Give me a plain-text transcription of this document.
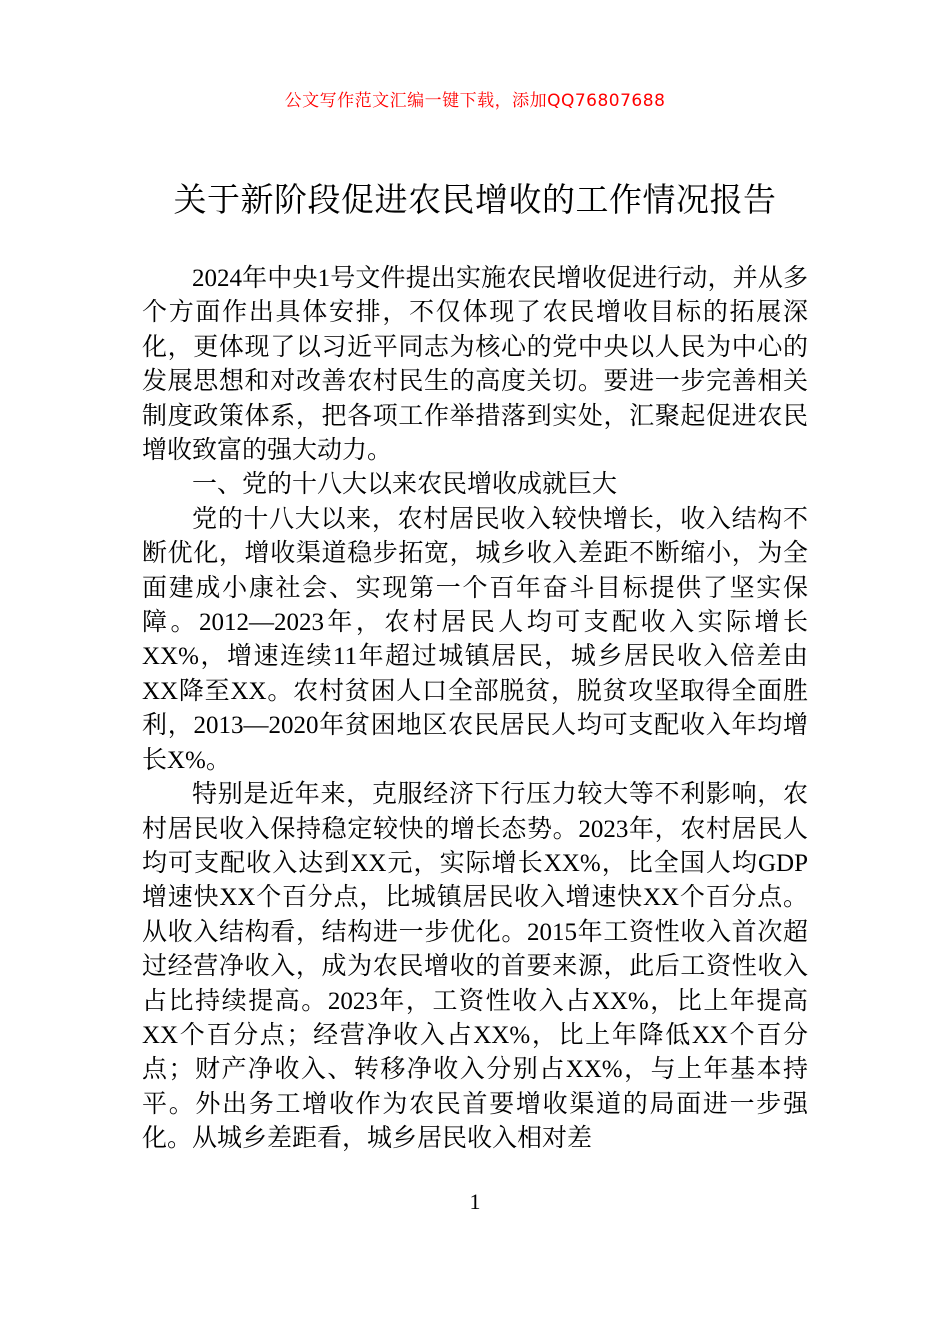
公文写作范文汇编一键下载，添加QQ76807688
关于新阶段促进农民增收的工作情况报告

2024年中央1号文件提出实施农民增收促进行动，并从多个方面作出具体安排，不仅体现了农民增收目标的拓展深化，更体现了以习近平同志为核心的党中央以人民为中心的发展思想和对改善农村民生的高度关切。要进一步完善相关制度政策体系，把各项工作举措落到实处，汇聚起促进农民增收致富的强大动力。

一、党的十八大以来农民增收成就巨大

党的十八大以来，农村居民收入较快增长，收入结构不断优化，增收渠道稳步拓宽，城乡收入差距不断缩小，为全面建成小康社会、实现第一个百年奋斗目标提供了坚实保障。2012—2023年，农村居民人均可支配收入实际增长XX%，增速连续11年超过城镇居民，城乡居民收入倍差由XX降至XX。农村贫困人口全部脱贫，脱贫攻坚取得全面胜利，2013—2020年贫困地区农民居民人均可支配收入年均增长X%。

特别是近年来，克服经济下行压力较大等不利影响，农村居民收入保持稳定较快的增长态势。2023年，农村居民人均可支配收入达到XX元，实际增长XX%，比全国人均GDP增速快XX个百分点，比城镇居民收入增速快XX个百分点。从收入结构看，结构进一步优化。2015年工资性收入首次超过经营净收入，成为农民增收的首要来源，此后工资性收入占比持续提高。2023年，工资性收入占XX%，比上年提高XX个百分点；经营净收入占XX%，比上年降低XX个百分点；财产净收入、转移净收入分别占XX%，与上年基本持平。外出务工增收作为农民首要增收渠道的局面进一步强化。从城乡差距看，城乡居民收入相对差

1
